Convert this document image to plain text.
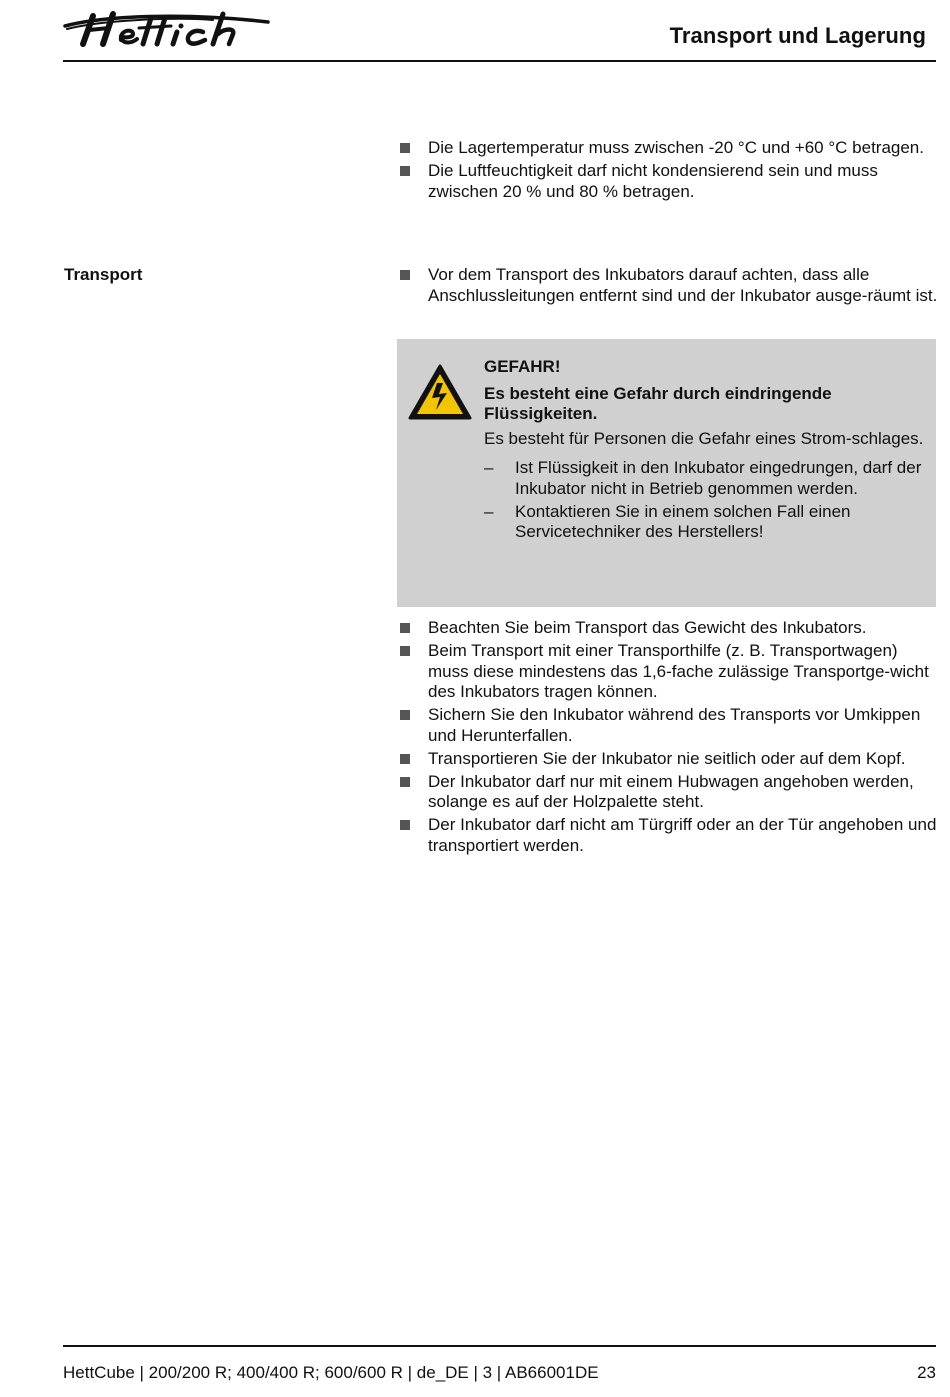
Transport und Lagerung
Die Lagertemperatur muss zwischen -20 °C und +60 °C betragen.
Die Luftfeuchtigkeit darf nicht kondensierend sein und muss zwischen 20 % und 80 % betragen.
Transport	Vor dem Transport des Inkubators darauf achten, dass alle Anschlussleitungen entfernt sind und der Inkubator ausge-räumt ist.
GEFAHR!
Es besteht eine Gefahr durch eindringende Flüssigkeiten.
Es besteht für Personen die Gefahr eines Strom-schlages.
– Ist Flüssigkeit in den Inkubator eingedrungen, darf der Inkubator nicht in Betrieb genommen werden.
– Kontaktieren Sie in einem solchen Fall einen Servicetechniker des Herstellers!
Beachten Sie beim Transport das Gewicht des Inkubators.
Beim Transport mit einer Transporthilfe (z. B. Transportwagen) muss diese mindestens das 1,6-fache zulässige Transportge-wicht des Inkubators tragen können.
Sichern Sie den Inkubator während des Transports vor Umkippen und Herunterfallen.
Transportieren Sie der Inkubator nie seitlich oder auf dem Kopf.
Der Inkubator darf nur mit einem Hubwagen angehoben werden, solange es auf der Holzpalette steht.
Der Inkubator darf nicht am Türgriff oder an der Tür angehoben und transportiert werden.
HettCube | 200/200 R; 400/400 R; 600/600 R | de_DE | 3 | AB66001DE	23
